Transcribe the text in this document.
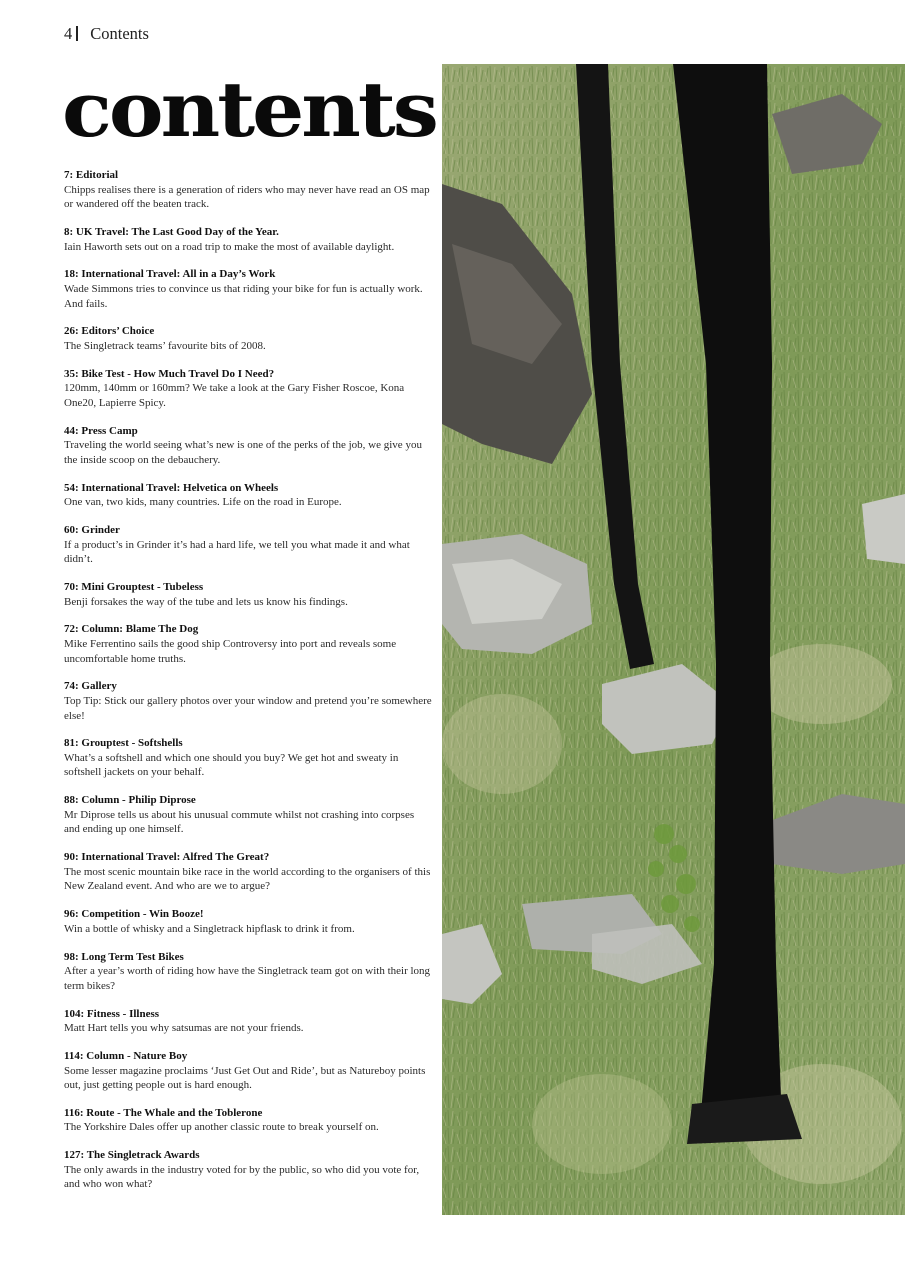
4 Contents
contents
7: Editorial
Chipps realises there is a generation of riders who may never have read an OS map or wandered off the beaten track.
8: UK Travel: The Last Good Day of the Year.
Iain Haworth sets out on a road trip to make the most of available daylight.
18: International Travel: All in a Day’s Work
Wade Simmons tries to convince us that riding your bike for fun is actually work. And fails.
26: Editors’ Choice
The Singletrack teams’ favourite bits of 2008.
35: Bike Test - How Much Travel Do I Need?
120mm, 140mm or 160mm? We take a look at the Gary Fisher Roscoe, Kona One20, Lapierre Spicy.
44: Press Camp
Traveling the world seeing what’s new is one of the perks of the job, we give you the inside scoop on the debauchery.
54: International Travel: Helvetica on Wheels
One van, two kids, many countries. Life on the road in Europe.
60: Grinder
If a product’s in Grinder it’s had a hard life, we tell you what made it and what didn’t.
70: Mini Grouptest - Tubeless
Benji forsakes the way of the tube and lets us know his findings.
72: Column: Blame The Dog
Mike Ferrentino sails the good ship Controversy into port and reveals some uncomfortable home truths.
74: Gallery
Top Tip: Stick our gallery photos over your window and pretend you’re somewhere else!
81: Grouptest - Softshells
What’s a softshell and which one should you buy? We get hot and sweaty in softshell jackets on your behalf.
88: Column - Philip Diprose
Mr Diprose tells us about his unusual commute whilst not crashing into corpses and ending up one himself.
90: International Travel: Alfred The Great?
The most scenic mountain bike race in the world according to the organisers of this New Zealand event. And who are we to argue?
96: Competition - Win Booze!
Win a bottle of whisky and a Singletrack hipflask to drink it from.
98: Long Term Test Bikes
After a year’s worth of riding how have the Singletrack team got on with their long term bikes?
104: Fitness - Illness
Matt Hart tells you why satsumas are not your friends.
114: Column - Nature Boy
Some lesser magazine proclaims ‘Just Get Out and Ride’, but as Natureboy points out, just getting people out is hard enough.
116: Route - The Whale and the Toblerone
The Yorkshire Dales offer up another classic route to break yourself on.
127: The Singletrack Awards
The only awards in the industry voted for by the public, so who did you vote for, and who won what?
